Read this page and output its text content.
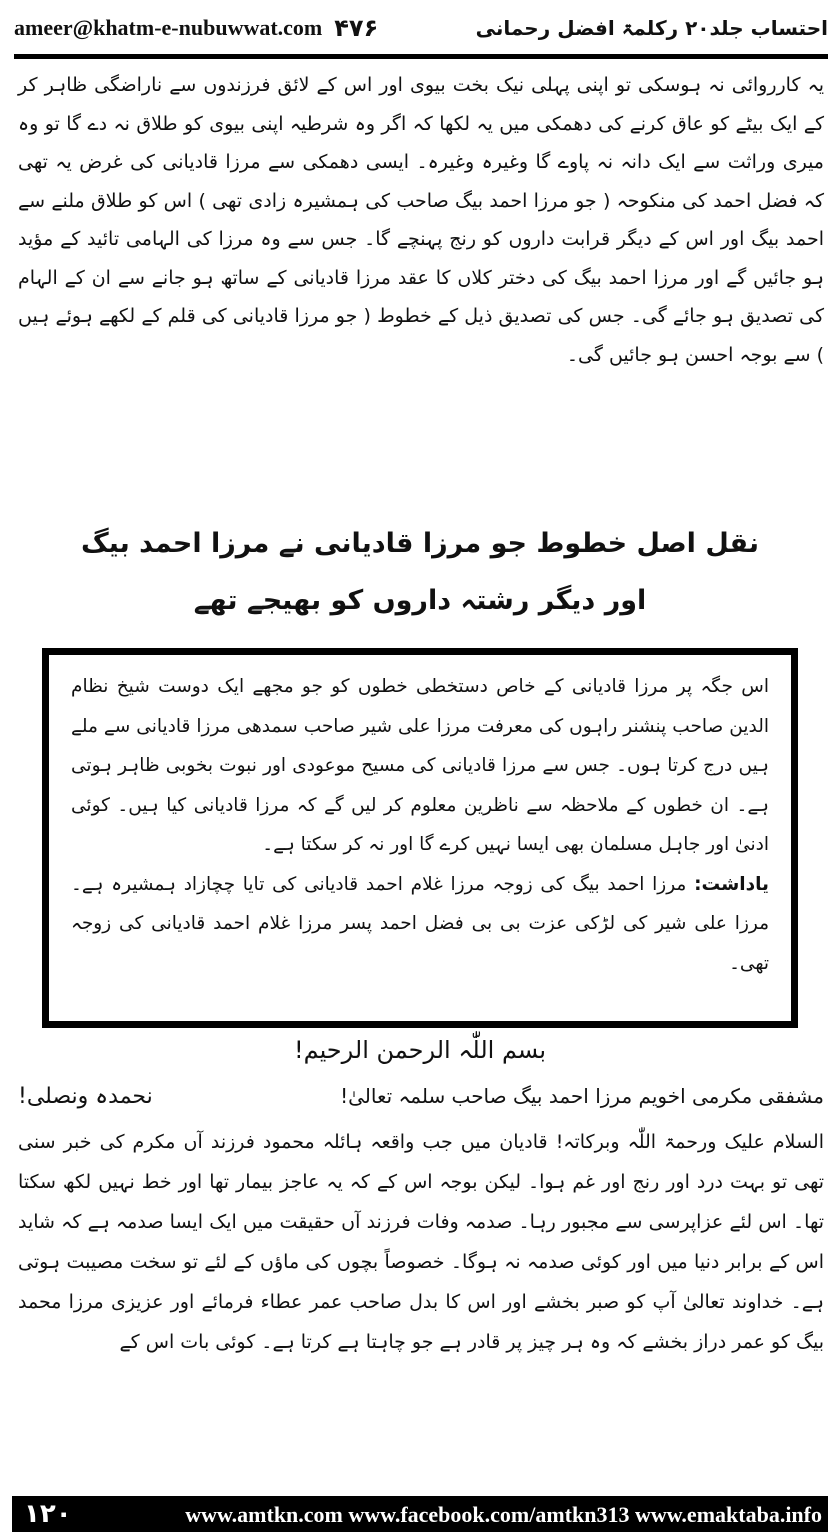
ameer@khatm-e-nubuwwat.com ۴۷۶	احتساب جلد۲۰ رکلمۃ افضل رحمانی
یہ کارروائی نہ ہوسکی تو اپنی پہلی نیک بخت بیوی اور اس کے لائق فرزندوں سے ناراضگی ظاہر کر کے ایک بیٹے کو عاق کرنے کی دھمکی میں یہ لکھا کہ اگر وہ شرطیہ اپنی بیوی کو طلاق نہ دے گا تو وہ میری وراثت سے ایک دانہ نہ پاوے گا وغیرہ وغیرہ۔ ایسی دھمکی سے مرزا قادیانی کی غرض یہ تھی کہ فضل احمد کی منکوحہ ( جو مرزا احمد بیگ صاحب کی ہمشیرہ زادی تھی ) اس کو طلاق ملنے سے احمد بیگ اور اس کے دیگر قرابت داروں کو رنج پہنچے گا۔ جس سے وہ مرزا کی الہامی تائید کے مؤید ہو جائیں گے اور مرزا احمد بیگ کی دختر کلاں کا عقد مرزا قادیانی کے ساتھ ہو جانے سے ان کے الہام کی تصدیق ہو جائے گی۔ جس کی تصدیق ذیل کے خطوط ( جو مرزا قادیانی کی قلم کے لکھے ہوئے ہیں ) سے بوجہ احسن ہو جائیں گی۔
نقل اصل خطوط جو مرزا قادیانی نے مرزا احمد بیگ
اور دیگر رشتہ داروں کو بھیجے تھے
اس جگہ پر مرزا قادیانی کے خاص دستخطی خطوں کو جو مجھے ایک دوست شیخ نظام الدین صاحب پنشنر راہوں کی معرفت مرزا علی شیر صاحب سمدھی مرزا قادیانی سے ملے ہیں درج کرتا ہوں۔ جس سے مرزا قادیانی کی مسیح موعودی اور نبوت بخوبی ظاہر ہوتی ہے۔ ان خطوں کے ملاحظہ سے ناظرین معلوم کر لیں گے کہ مرزا قادیانی کیا ہیں۔ کوئی ادنیٰ اور جاہل مسلمان بھی ایسا نہیں کرے گا اور نہ کر سکتا ہے۔
یاداشت: مرزا احمد بیگ کی زوجہ مرزا غلام احمد قادیانی کی تایا چچازاد ہمشیرہ ہے۔ مرزا علی شیر کی لڑکی عزت بی بی فضل احمد پسر مرزا غلام احمد قادیانی کی زوجہ تھی۔
بسم اللّٰہ الرحمن الرحیم!
مشفقی مکرمی اخویم مرزا احمد بیگ صاحب سلمہ تعالیٰ!
نحمدہ ونصلی!
السلام علیک ورحمۃ اللّٰہ وبرکاتہ! قادیان میں جب واقعہ ہائلہ محمود فرزند آں مکرم کی خبر سنی تھی تو بہت درد اور رنج اور غم ہوا۔ لیکن بوجہ اس کے کہ یہ عاجز بیمار تھا اور خط نہیں لکھ سکتا تھا۔ اس لئے عزاپرسی سے مجبور رہا۔ صدمہ وفات فرزند آں حقیقت میں ایک ایسا صدمہ ہے کہ شاید اس کے برابر دنیا میں اور کوئی صدمہ نہ ہوگا۔ خصوصاً بچوں کی ماؤں کے لئے تو سخت مصیبت ہوتی ہے۔ خداوند تعالیٰ آپ کو صبر بخشے اور اس کا بدل صاحب عمر عطاء فرمائے اور عزیزی مرزا محمد بیگ کو عمر دراز بخشے کہ وہ ہر چیز پر قادر ہے جو چاہتا ہے کرتا ہے۔ کوئی بات اس کے
۱۲۰	www.amtkn.com www.facebook.com/amtkn313 www.emaktaba.info
